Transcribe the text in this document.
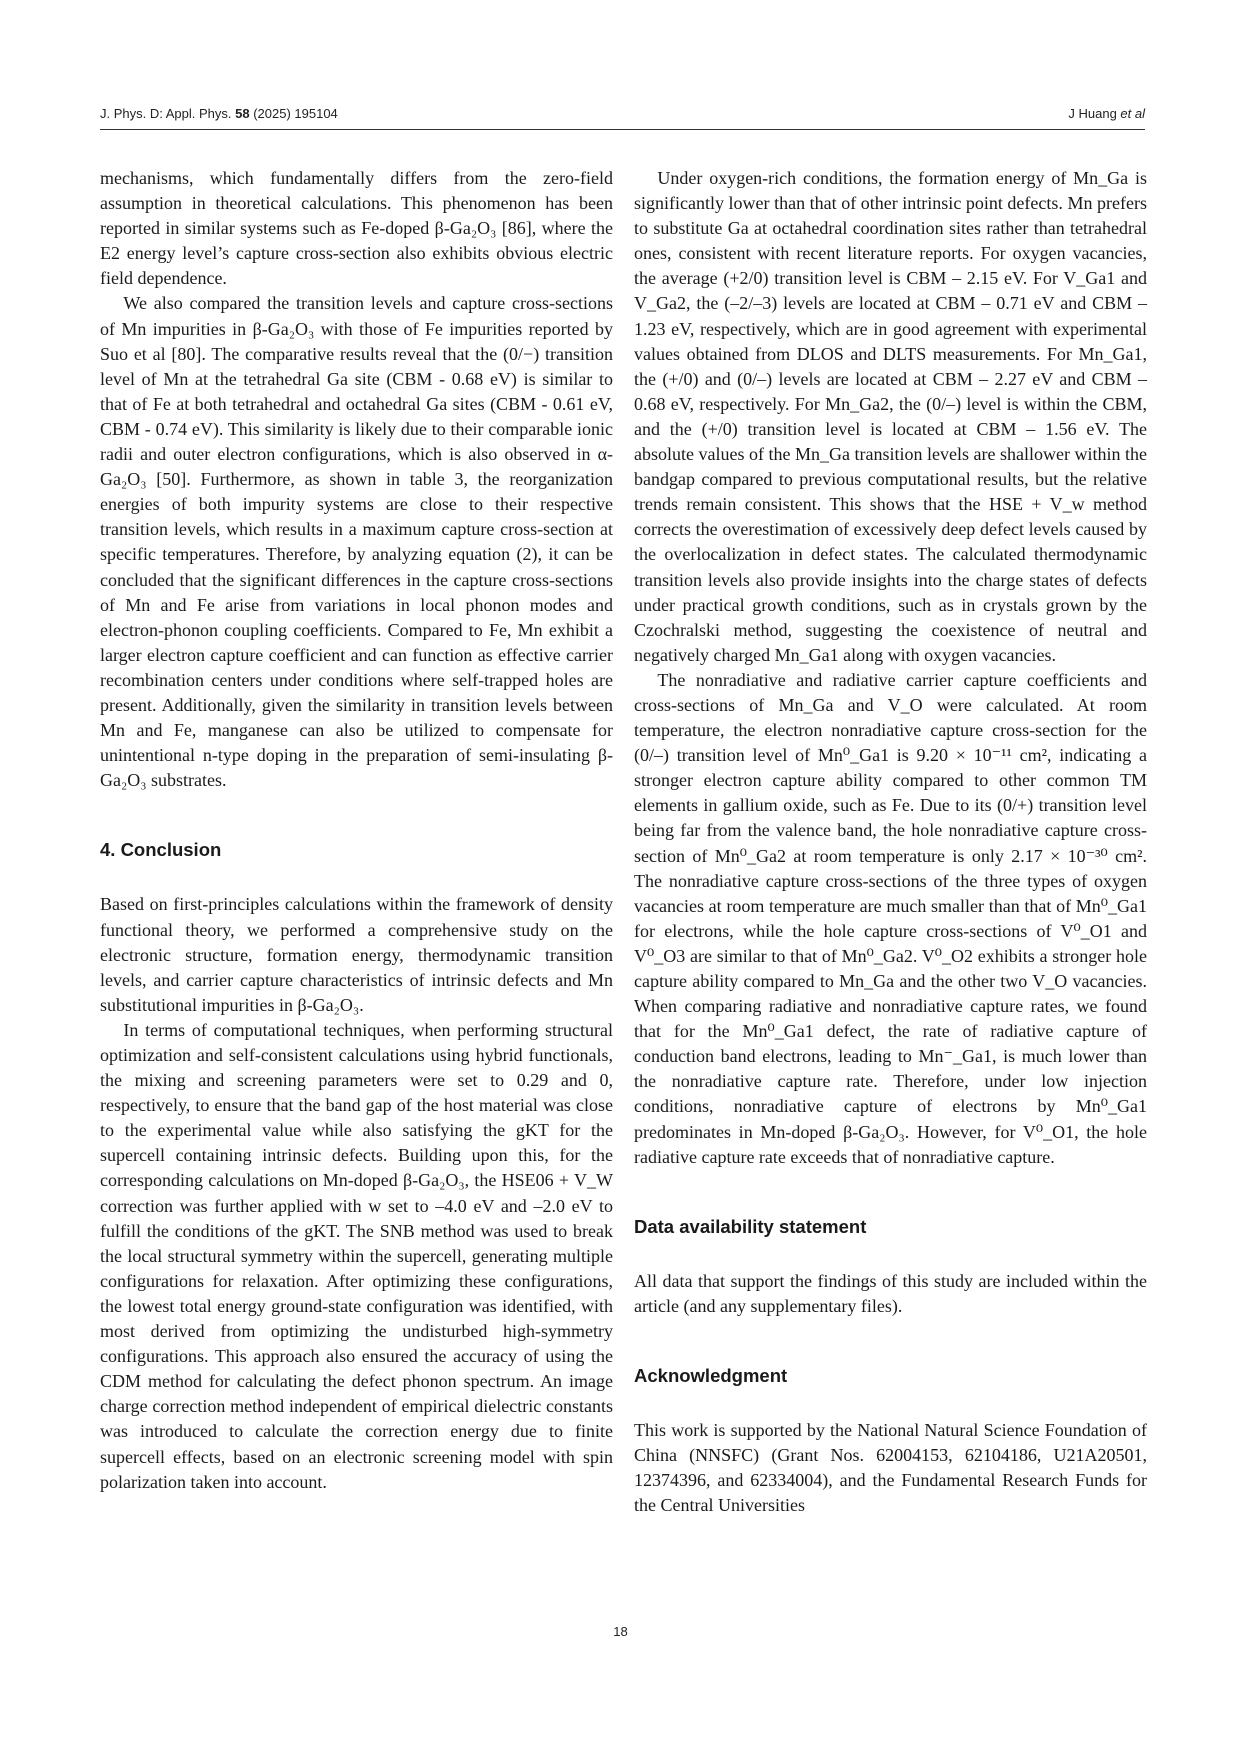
J. Phys. D: Appl. Phys. 58 (2025) 195104	J Huang et al

mechanisms, which fundamentally differs from the zero-field assumption in theoretical calculations. This phenomenon has been reported in similar systems such as Fe-doped β-Ga₂O₃ [86], where the E2 energy level’s capture cross-section also exhibits obvious electric field dependence.

We also compared the transition levels and capture cross-sections of Mn impurities in β-Ga₂O₃ with those of Fe impurities reported by Suo et al [80]. The comparative results reveal that the (0/−) transition level of Mn at the tetrahedral Ga site (CBM - 0.68 eV) is similar to that of Fe at both tetrahedral and octahedral Ga sites (CBM - 0.61 eV, CBM - 0.74 eV). This similarity is likely due to their comparable ionic radii and outer electron configurations, which is also observed in α-Ga₂O₃ [50]. Furthermore, as shown in table 3, the reorganization energies of both impurity systems are close to their respective transition levels, which results in a maximum capture cross-section at specific temperatures. Therefore, by analyzing equation (2), it can be concluded that the significant differences in the capture cross-sections of Mn and Fe arise from variations in local phonon modes and electron-phonon coupling coefficients. Compared to Fe, Mn exhibit a larger electron capture coefficient and can function as effective carrier recombination centers under conditions where self-trapped holes are present. Additionally, given the similarity in transition levels between Mn and Fe, manganese can also be utilized to compensate for unintentional n-type doping in the preparation of semi-insulating β-Ga₂O₃ substrates.

4. Conclusion

Based on first-principles calculations within the framework of density functional theory, we performed a comprehensive study on the electronic structure, formation energy, thermodynamic transition levels, and carrier capture characteristics of intrinsic defects and Mn substitutional impurities in β-Ga₂O₃.

In terms of computational techniques, when performing structural optimization and self-consistent calculations using hybrid functionals, the mixing and screening parameters were set to 0.29 and 0, respectively, to ensure that the band gap of the host material was close to the experimental value while also satisfying the gKT for the supercell containing intrinsic defects. Building upon this, for the corresponding calculations on Mn-doped β-Ga₂O₃, the HSE06 + V_W correction was further applied with w set to –4.0 eV and –2.0 eV to fulfill the conditions of the gKT. The SNB method was used to break the local structural symmetry within the supercell, generating multiple configurations for relaxation. After optimizing these configurations, the lowest total energy ground-state configuration was identified, with most derived from optimizing the undisturbed high-symmetry configurations. This approach also ensured the accuracy of using the CDM method for calculating the defect phonon spectrum. An image charge correction method independent of empirical dielectric constants was introduced to calculate the correction energy due to finite supercell effects, based on an electronic screening model with spin polarization taken into account.

Under oxygen-rich conditions, the formation energy of Mn_Ga is significantly lower than that of other intrinsic point defects. Mn prefers to substitute Ga at octahedral coordination sites rather than tetrahedral ones, consistent with recent literature reports. For oxygen vacancies, the average (+2/0) transition level is CBM – 2.15 eV. For V_Ga1 and V_Ga2, the (–2/–3) levels are located at CBM – 0.71 eV and CBM – 1.23 eV, respectively, which are in good agreement with experimental values obtained from DLOS and DLTS measurements. For Mn_Ga1, the (+/0) and (0/–) levels are located at CBM – 2.27 eV and CBM – 0.68 eV, respectively. For Mn_Ga2, the (0/–) level is within the CBM, and the (+/0) transition level is located at CBM – 1.56 eV. The absolute values of the Mn_Ga transition levels are shallower within the bandgap compared to previous computational results, but the relative trends remain consistent. This shows that the HSE + V_w method corrects the overestimation of excessively deep defect levels caused by the overlocalization in defect states. The calculated thermodynamic transition levels also provide insights into the charge states of defects under practical growth conditions, such as in crystals grown by the Czochralski method, suggesting the coexistence of neutral and negatively charged Mn_Ga1 along with oxygen vacancies.

The nonradiative and radiative carrier capture coefficients and cross-sections of Mn_Ga and V_O were calculated. At room temperature, the electron nonradiative capture cross-section for the (0/–) transition level of Mn⁰_Ga1 is 9.20 × 10⁻¹¹ cm², indicating a stronger electron capture ability compared to other common TM elements in gallium oxide, such as Fe. Due to its (0/+) transition level being far from the valence band, the hole nonradiative capture cross-section of Mn⁰_Ga2 at room temperature is only 2.17 × 10⁻³⁰ cm². The nonradiative capture cross-sections of the three types of oxygen vacancies at room temperature are much smaller than that of Mn⁰_Ga1 for electrons, while the hole capture cross-sections of V⁰_O1 and V⁰_O3 are similar to that of Mn⁰_Ga2. V⁰_O2 exhibits a stronger hole capture ability compared to Mn_Ga and the other two V_O vacancies. When comparing radiative and nonradiative capture rates, we found that for the Mn⁰_Ga1 defect, the rate of radiative capture of conduction band electrons, leading to Mn⁻_Ga1, is much lower than the nonradiative capture rate. Therefore, under low injection conditions, nonradiative capture of electrons by Mn⁰_Ga1 predominates in Mn-doped β-Ga₂O₃. However, for V⁰_O1, the hole radiative capture rate exceeds that of nonradiative capture.

Data availability statement

All data that support the findings of this study are included within the article (and any supplementary files).

Acknowledgment

This work is supported by the National Natural Science Foundation of China (NNSFC) (Grant Nos. 62004153, 62104186, U21A20501, 12374396, and 62334004), and the Fundamental Research Funds for the Central Universities

18
